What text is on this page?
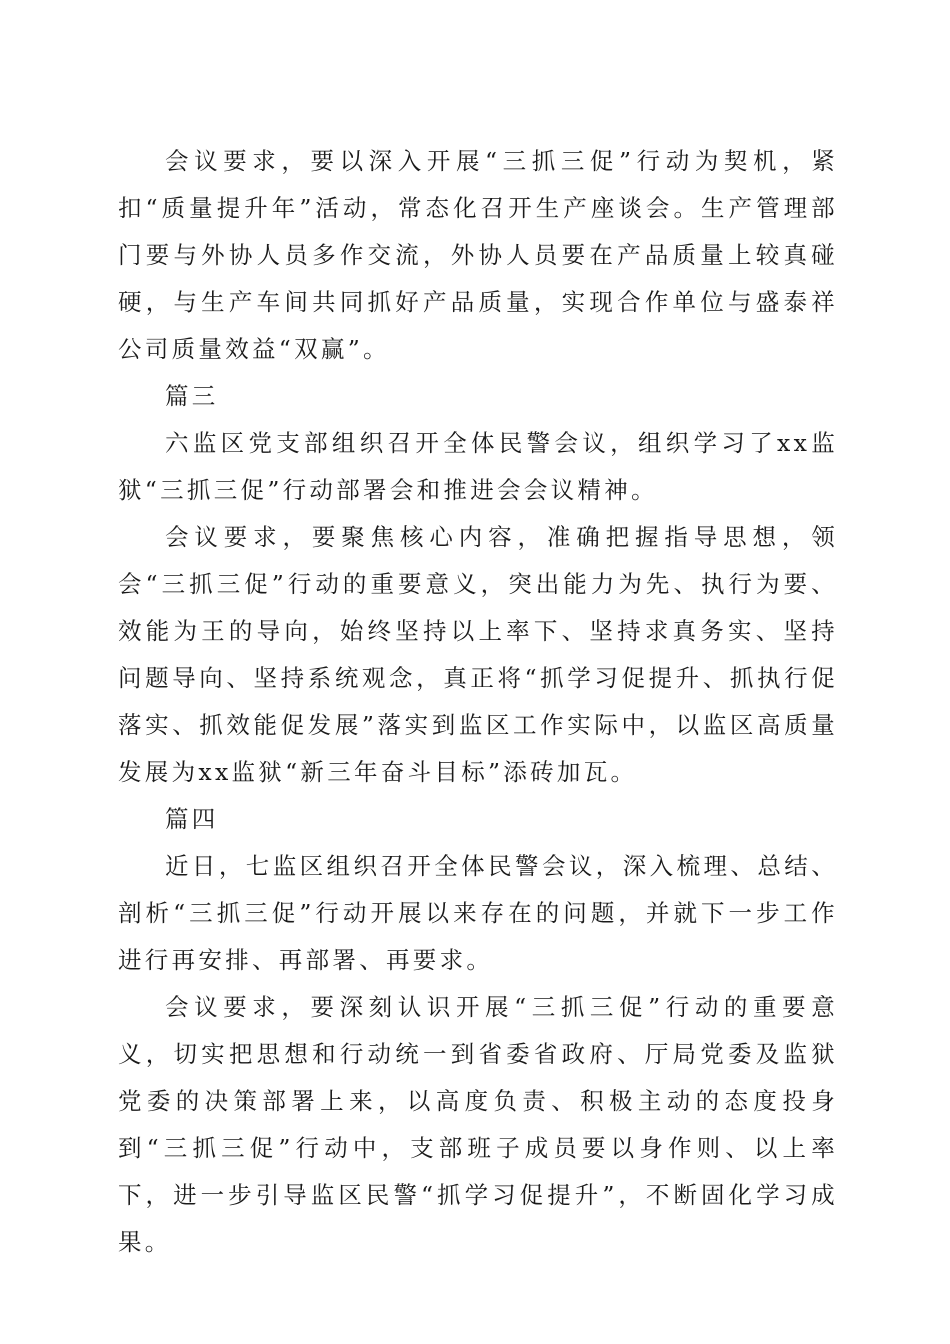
会议要求，要以深入开展“三抓三促”行动为契机，紧扣“质量提升年”活动，常态化召开生产座谈会。生产管理部门要与外协人员多作交流，外协人员要在产品质量上较真碰硬，与生产车间共同抓好产品质量，实现合作单位与盛泰祥公司质量效益“双赢”。

篇三

六监区党支部组织召开全体民警会议，组织学习了xx监狱“三抓三促”行动部署会和推进会会议精神。

会议要求，要聚焦核心内容，准确把握指导思想，领会“三抓三促”行动的重要意义，突出能力为先、执行为要、效能为王的导向，始终坚持以上率下、坚持求真务实、坚持问题导向、坚持系统观念，真正将“抓学习促提升、抓执行促落实、抓效能促发展”落实到监区工作实际中，以监区高质量发展为xx监狱“新三年奋斗目标”添砖加瓦。

篇四

近日，七监区组织召开全体民警会议，深入梳理、总结、剖析“三抓三促”行动开展以来存在的问题，并就下一步工作进行再安排、再部署、再要求。

会议要求，要深刻认识开展“三抓三促”行动的重要意义，切实把思想和行动统一到省委省政府、厅局党委及监狱党委的决策部署上来，以高度负责、积极主动的态度投身到“三抓三促”行动中，支部班子成员要以身作则、以上率下，进一步引导监区民警“抓学习促提升”，不断固化学习成果。
